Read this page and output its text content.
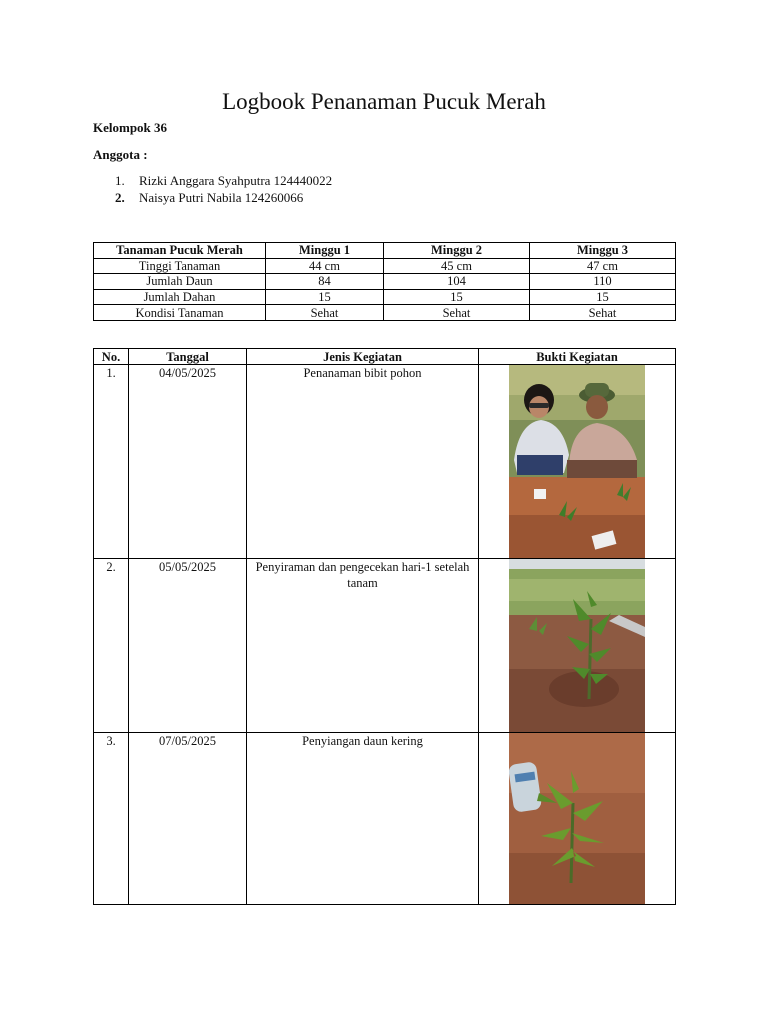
Logbook Penanaman Pucuk Merah
Kelompok 36
Anggota :
1.	Rizki Anggara Syahputra 124440022
2.	Naisya Putri Nabila 124260066
Tanaman Pucuk Merah	Minggu 1	Minggu 2	Minggu 3
Tinggi Tanaman	44 cm	45 cm	47 cm
Jumlah Daun	84	104	110
Jumlah Dahan	15	15	15
Kondisi Tanaman	Sehat	Sehat	Sehat
No.	Tanggal	Jenis Kegiatan	Bukti Kegiatan
1.	04/05/2025	Penanaman bibit pohon	

2.	05/05/2025	Penyiraman dan pengecekan hari-1 setelah tanam	

3.	07/05/2025	Penyiangan daun kering	
